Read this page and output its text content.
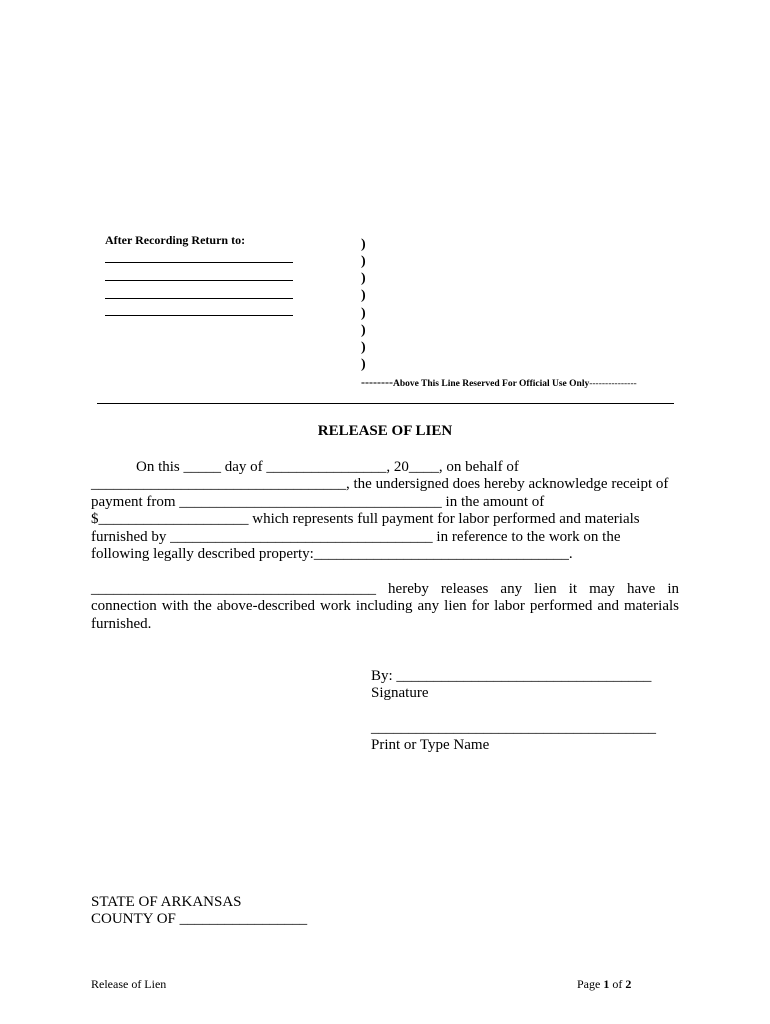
After Recording Return to:	)
)
)
)
)
)
)
)
--------Above This Line Reserved For Official Use Only---------------
RELEASE OF LIEN
On this _____ day of ________________, 20____, on behalf of
__________________________________, the undersigned does hereby acknowledge receipt of
payment from ___________________________________ in the amount of
$____________________ which represents full payment for labor performed and materials
furnished by ___________________________________ in reference to the work on the
following legally described property:__________________________________.
______________________________________ hereby releases any lien it may have in
connection with the above-described work including any lien for labor performed and materials
furnished.
By: __________________________________
Signature
______________________________________
Print or Type Name
STATE OF ARKANSAS
COUNTY OF _________________
Release of Lien	Page 1 of 2
